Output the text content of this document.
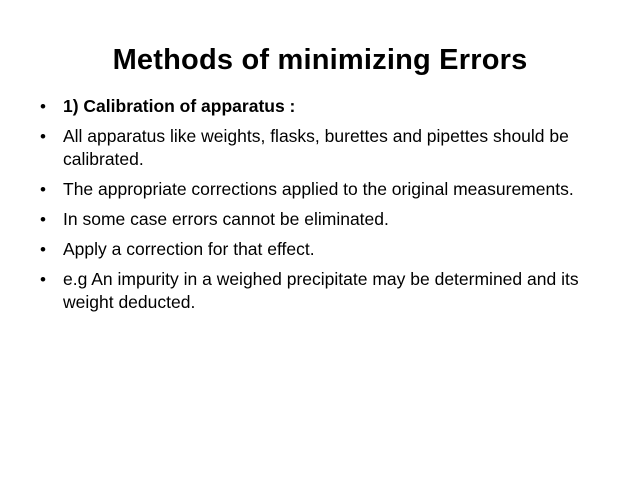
Methods of minimizing Errors
• 1) Calibration of apparatus :
• All apparatus like weights, flasks, burettes and pipettes should be calibrated.
• The appropriate corrections applied to the original measurements.
• In some case errors cannot be eliminated.
• Apply a correction for that effect.
• e.g An impurity in a weighed precipitate may be determined and its weight deducted.
